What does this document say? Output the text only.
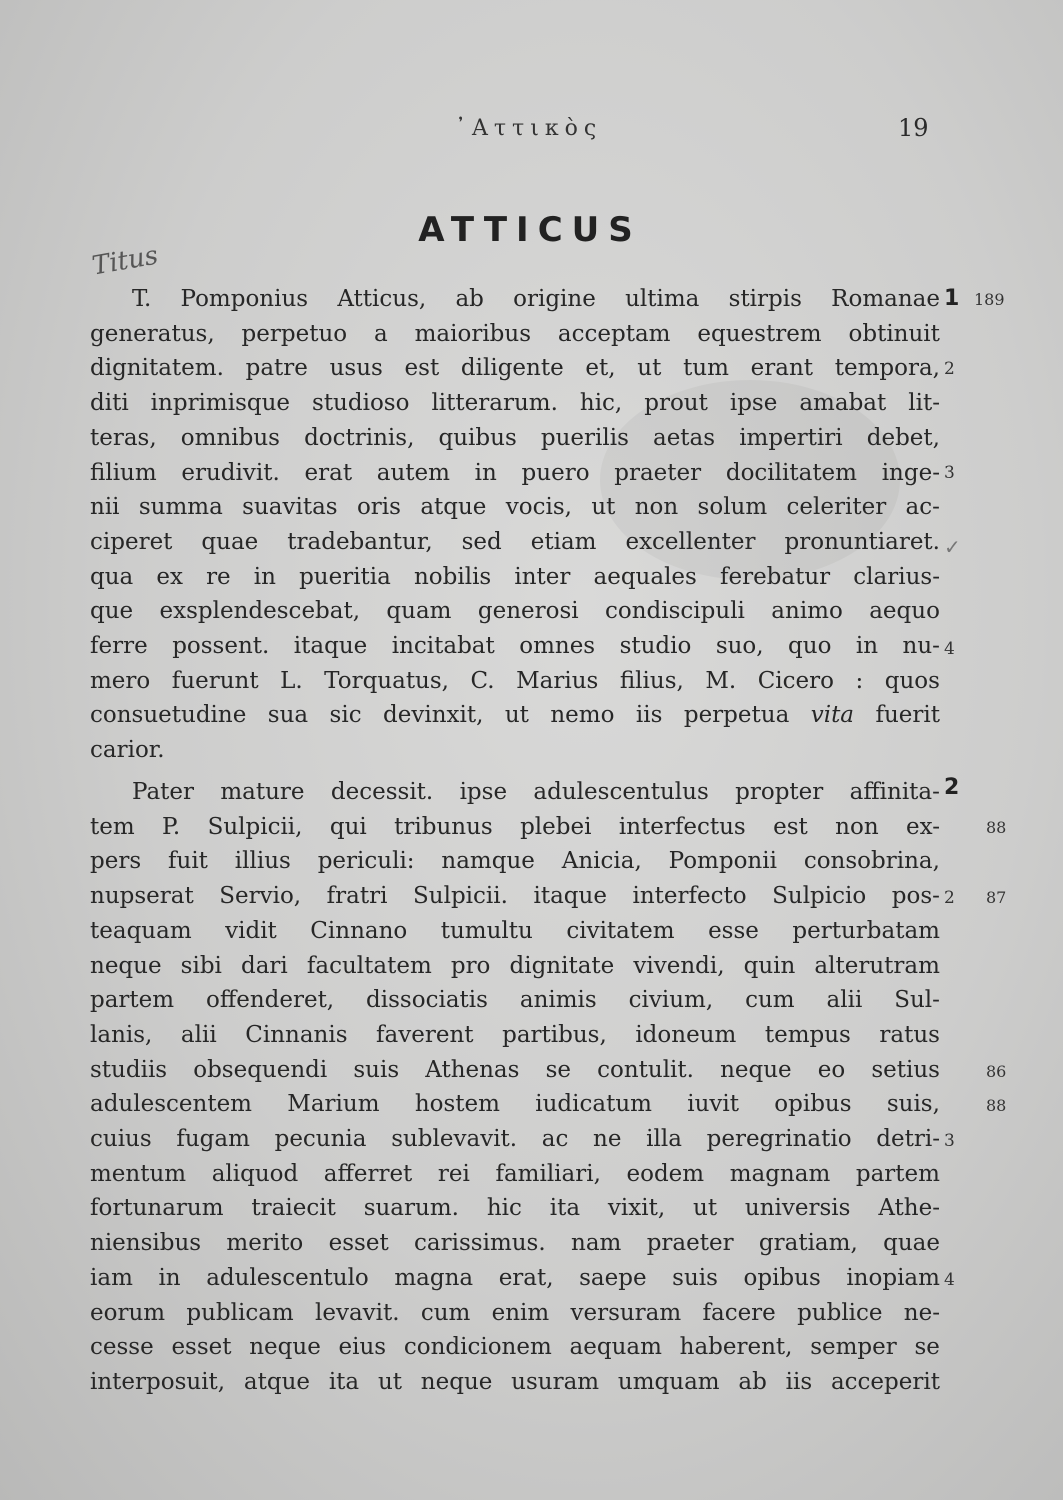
᾿Αττικὸς	19
ATTICUS
Titus
T. Pomponius Atticus, ab origine ultima stirpis Romanae
generatus, perpetuo a maioribus acceptam equestrem obtinuit
dignitatem. patre usus est diligente et, ut tum erant tempora,
diti inprimisque studioso litterarum. hic, prout ipse amabat lit-
teras, omnibus doctrinis, quibus puerilis aetas impertiri debet,
filium erudivit. erat autem in puero praeter docilitatem inge-
nii summa suavitas oris atque vocis, ut non solum celeriter ac-
ciperet quae tradebantur, sed etiam excellenter pronuntiaret.
qua ex re in pueritia nobilis inter aequales ferebatur clarius-
que exsplendescebat, quam generosi condiscipuli animo aequo
ferre possent. itaque incitabat omnes studio suo, quo in nu-
mero fuerunt L. Torquatus, C. Marius filius, M. Cicero : quos
consuetudine sua sic devinxit, ut nemo iis perpetua vita fuerit
carior.
Pater mature decessit. ipse adulescentulus propter affinita-
tem P. Sulpicii, qui tribunus plebei interfectus est non ex-
pers fuit illius periculi: namque Anicia, Pomponii consobrina,
nupserat Servio, fratri Sulpicii. itaque interfecto Sulpicio pos-
teaquam vidit Cinnano tumultu civitatem esse perturbatam
neque sibi dari facultatem pro dignitate vivendi, quin alterutram
partem offenderet, dissociatis animis civium, cum alii Sul-
lanis, alii Cinnanis faverent partibus, idoneum tempus ratus
studiis obsequendi suis Athenas se contulit. neque eo setius
adulescentem Marium hostem iudicatum iuvit opibus suis,
cuius fugam pecunia sublevavit. ac ne illa peregrinatio detri-
mentum aliquod afferret rei familiari, eodem magnam partem
fortunarum traiecit suarum. hic ita vixit, ut universis Athe-
niensibus merito esset carissimus. nam praeter gratiam, quae
iam in adulescentulo magna erat, saepe suis opibus inopiam
eorum publicam levavit. cum enim versuram facere publice ne-
cesse esset neque eius condicionem aequam haberent, semper se
interposuit, atque ita ut neque usuram umquam ab iis acceperit
1 189
2
3
✓
4
2
88
2 87
86
88
3
4
